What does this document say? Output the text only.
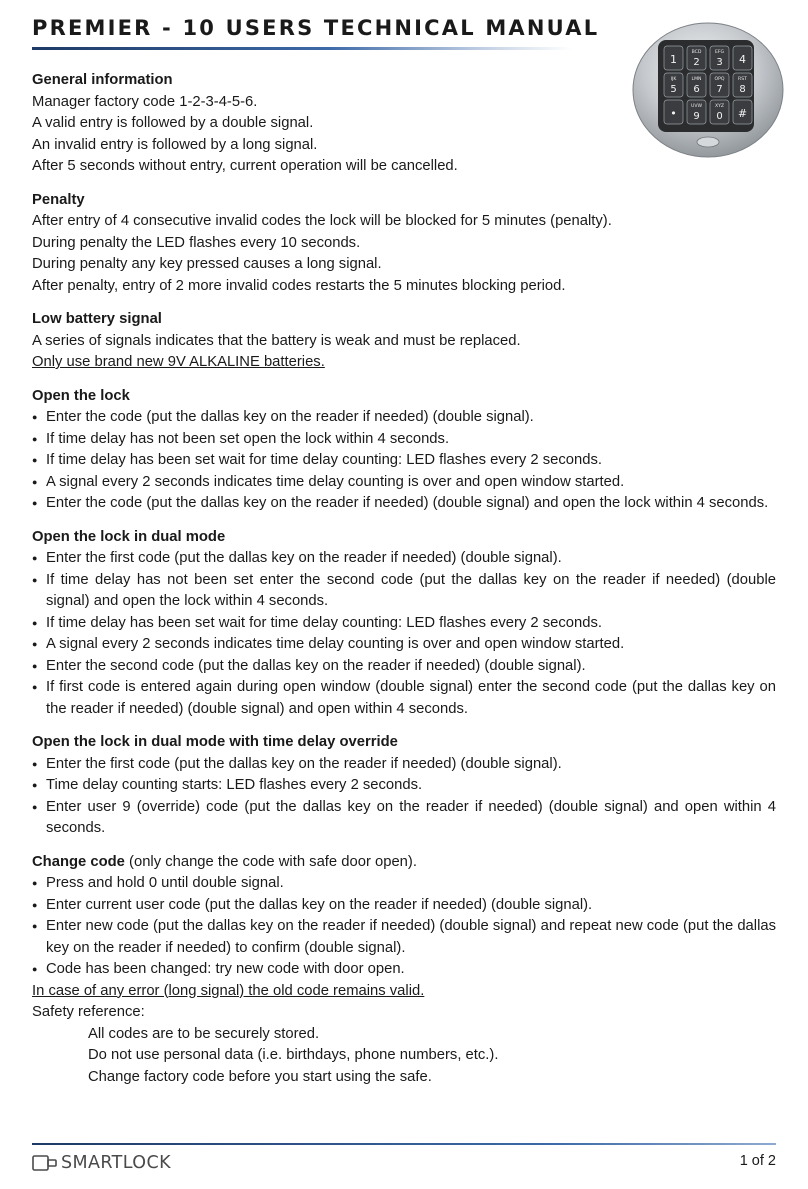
PREMIER - 10 USERS TECHNICAL MANUAL
1
BCD
2
EFG
3 4
IJK
5
LMN
6
OPQ
7
RST
8
•
UVW
9
XYZ
0 #
General information
Manager factory code 1-2-3-4-5-6.
A valid entry is followed by a double signal.
An invalid entry is followed by a long signal.
After 5 seconds without entry, current operation will be cancelled.
Penalty
After entry of 4 consecutive invalid codes the lock will be blocked for 5 minutes (penalty).
During penalty the LED flashes every 10 seconds.
During penalty any key pressed causes a long signal.
After penalty, entry of 2 more invalid codes restarts the 5 minutes blocking period.
Low battery signal
A series of signals indicates that the battery is weak and must be replaced.
Only use brand new 9V ALKALINE batteries.
Open the lock
● Enter the code (put the dallas key on the reader if needed) (double signal).
● If time delay has not been set open the lock within 4 seconds.
● If time delay has been set wait for time delay counting: LED flashes every 2 seconds.
● A signal every 2 seconds indicates time delay counting is over and open window started.
● Enter the code (put the dallas key on the reader if needed) (double signal) and open the lock within 4 seconds.
Open the lock in dual mode
● Enter the first code (put the dallas key on the reader if needed) (double signal).
● If time delay has not been set enter the second code (put the dallas key on the reader if needed) (double signal) and open the lock within 4 seconds.
● If time delay has been set wait for time delay counting: LED flashes every 2 seconds.
● A signal every 2 seconds indicates time delay counting is over and open window started.
● Enter the second code (put the dallas key on the reader if needed) (double signal).
● If first code is entered again during open window (double signal) enter the second code (put the dallas key on the reader if needed) (double signal) and open within 4 seconds.
Open the lock in dual mode with time delay override
● Enter the first code (put the dallas key on the reader if needed) (double signal).
● Time delay counting starts: LED flashes every 2 seconds.
● Enter user 9 (override) code (put the dallas key on the reader if needed) (double signal) and open within 4 seconds.
Change code (only change the code with safe door open).
● Press and hold 0 until double signal.
● Enter current user code (put the dallas key on the reader if needed) (double signal).
● Enter new code (put the dallas key on the reader if needed) (double signal) and repeat new code (put the dallas key on the reader if needed) to confirm (double signal).
● Code has been changed: try new code with door open.
In case of any error (long signal) the old code remains valid.
Safety reference:
All codes are to be securely stored.
Do not use personal data (i.e. birthdays, phone numbers, etc.).
Change factory code before you start using the safe.
SMARTLOCK	1 of 2
